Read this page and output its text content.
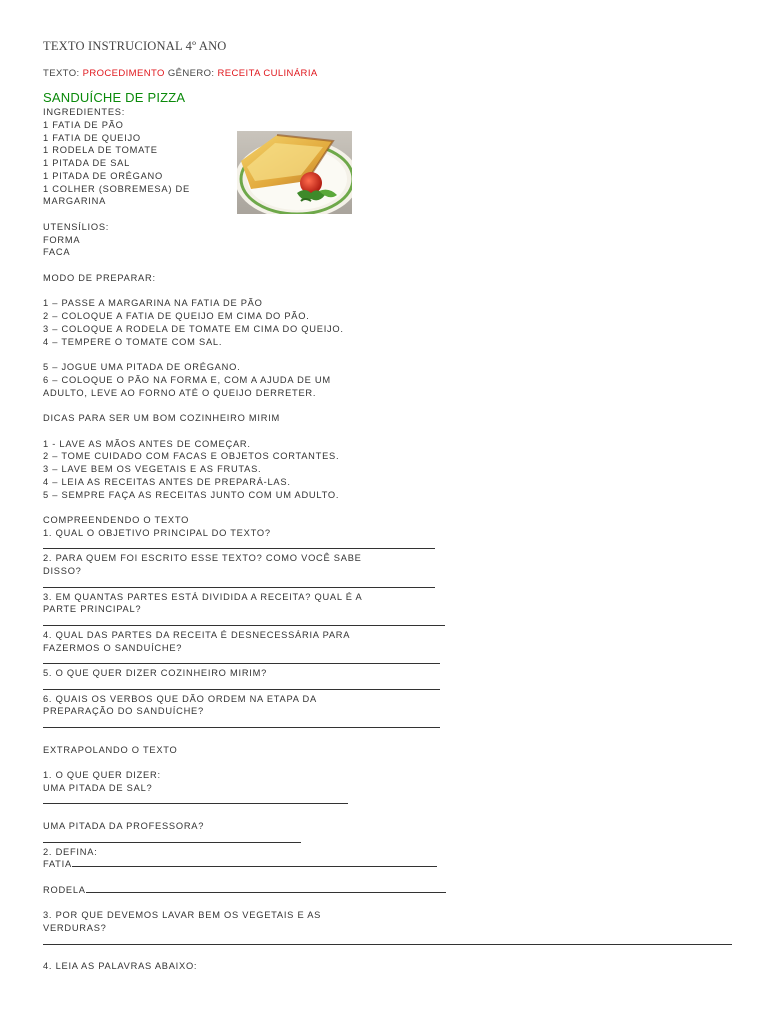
TEXTO INSTRUCIONAL 4º ANO
TEXTO: PROCEDIMENTO GÊNERO: RECEITA CULINÁRIA
SANDUÍCHE DE PIZZA
INGREDIENTES:
1 FATIA DE PÃO
1 FATIA DE QUEIJO
1 RODELA DE TOMATE
1 PITADA DE SAL
1 PITADA DE ORÉGANO
1 COLHER (SOBREMESA) DE
MARGARINA
UTENSÍLIOS:
FORMA
FACA
MODO DE PREPARAR:
1 – PASSE A MARGARINA NA FATIA DE PÃO
2 – COLOQUE A FATIA DE QUEIJO EM CIMA DO PÃO.
3 – COLOQUE A RODELA DE TOMATE EM CIMA DO QUEIJO.
4 – TEMPERE O TOMATE COM SAL.
5 – JOGUE UMA PITADA DE ORÉGANO.
6 – COLOQUE O PÃO NA FORMA E, COM A AJUDA DE UM
ADULTO, LEVE AO FORNO ATÉ O QUEIJO DERRETER.
DICAS PARA SER UM BOM COZINHEIRO MIRIM
1 - LAVE AS MÃOS ANTES DE COMEÇAR.
2 – TOME CUIDADO COM FACAS E OBJETOS CORTANTES.
3 – LAVE BEM OS VEGETAIS E AS FRUTAS.
4 – LEIA AS RECEITAS ANTES DE PREPARÁ-LAS.
5 – SEMPRE FAÇA AS RECEITAS JUNTO COM UM ADULTO.
COMPREENDENDO O TEXTO
1. QUAL O OBJETIVO PRINCIPAL DO TEXTO?
2. PARA QUEM FOI ESCRITO ESSE TEXTO? COMO VOCÊ SABE
DISSO?
3. EM QUANTAS PARTES ESTÁ DIVIDIDA A RECEITA? QUAL É A
PARTE PRINCIPAL?
4. QUAL DAS PARTES DA RECEITA É DESNECESSÁRIA PARA
FAZERMOS O SANDUÍCHE?
5. O QUE QUER DIZER COZINHEIRO MIRIM?
6. QUAIS OS VERBOS QUE DÃO ORDEM NA ETAPA DA
PREPARAÇÃO DO SANDUÍCHE?
EXTRAPOLANDO O TEXTO
1. O QUE QUER DIZER:
UMA PITADA DE SAL?
UMA PITADA DA PROFESSORA?
2. DEFINA:
FATIA
RODELA
3. POR QUE DEVEMOS LAVAR BEM OS VEGETAIS E AS
VERDURAS?
4. LEIA AS PALAVRAS ABAIXO:
